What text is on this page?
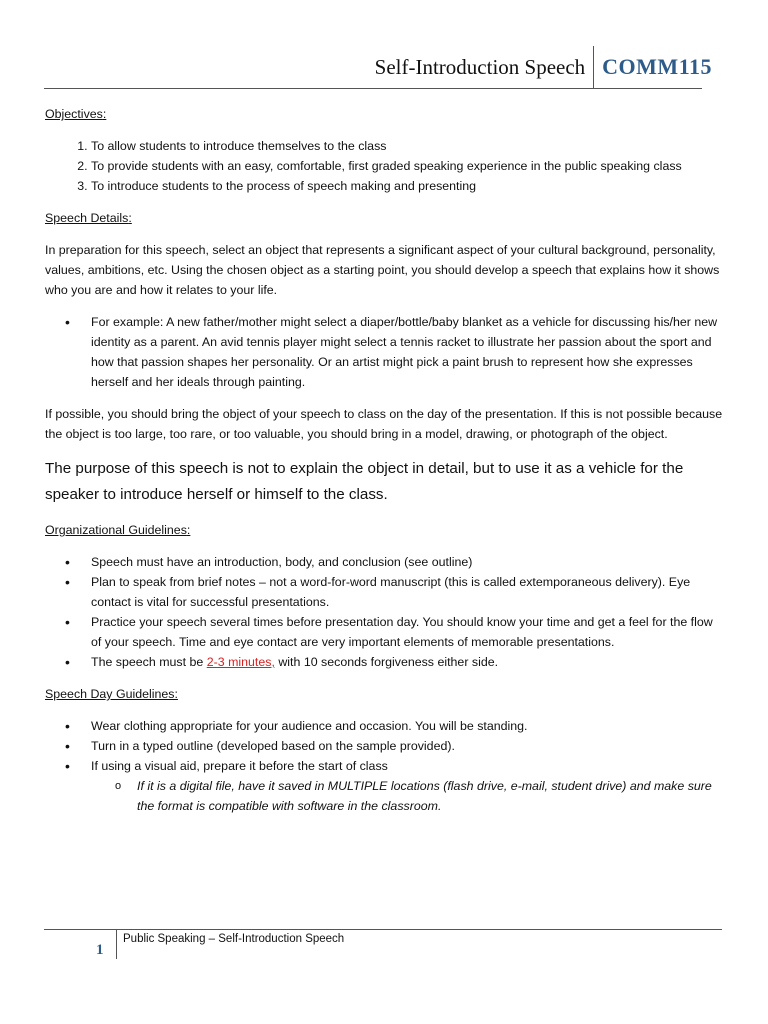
Self-Introduction Speech COMM115

Objectives:

1. To allow students to introduce themselves to the class
2. To provide students with an easy, comfortable, first graded speaking experience in the public speaking class
3. To introduce students to the process of speech making and presenting

Speech Details:

In preparation for this speech, select an object that represents a significant aspect of your cultural background, personality, values, ambitions, etc. Using the chosen object as a starting point, you should develop a speech that explains how it shows who you are and how it relates to your life.

• For example: A new father/mother might select a diaper/bottle/baby blanket as a vehicle for discussing his/her new identity as a parent. An avid tennis player might select a tennis racket to illustrate her passion about the sport and how that passion shapes her personality. Or an artist might pick a paint brush to represent how she expresses herself and her ideals through painting.

If possible, you should bring the object of your speech to class on the day of the presentation. If this is not possible because the object is too large, too rare, or too valuable, you should bring in a model, drawing, or photograph of the object.

The purpose of this speech is not to explain the object in detail, but to use it as a vehicle for the speaker to introduce herself or himself to the class.

Organizational Guidelines:

• Speech must have an introduction, body, and conclusion (see outline)
• Plan to speak from brief notes – not a word-for-word manuscript (this is called extemporaneous delivery). Eye contact is vital for successful presentations.
• Practice your speech several times before presentation day. You should know your time and get a feel for the flow of your speech. Time and eye contact are very important elements of memorable presentations.
• The speech must be 2-3 minutes, with 10 seconds forgiveness either side.

Speech Day Guidelines:

• Wear clothing appropriate for your audience and occasion. You will be standing.
• Turn in a typed outline (developed based on the sample provided).
• If using a visual aid, prepare it before the start of class
o If it is a digital file, have it saved in MULTIPLE locations (flash drive, e-mail, student drive) and make sure the format is compatible with software in the classroom.
1
Public Speaking – Self-Introduction Speech
